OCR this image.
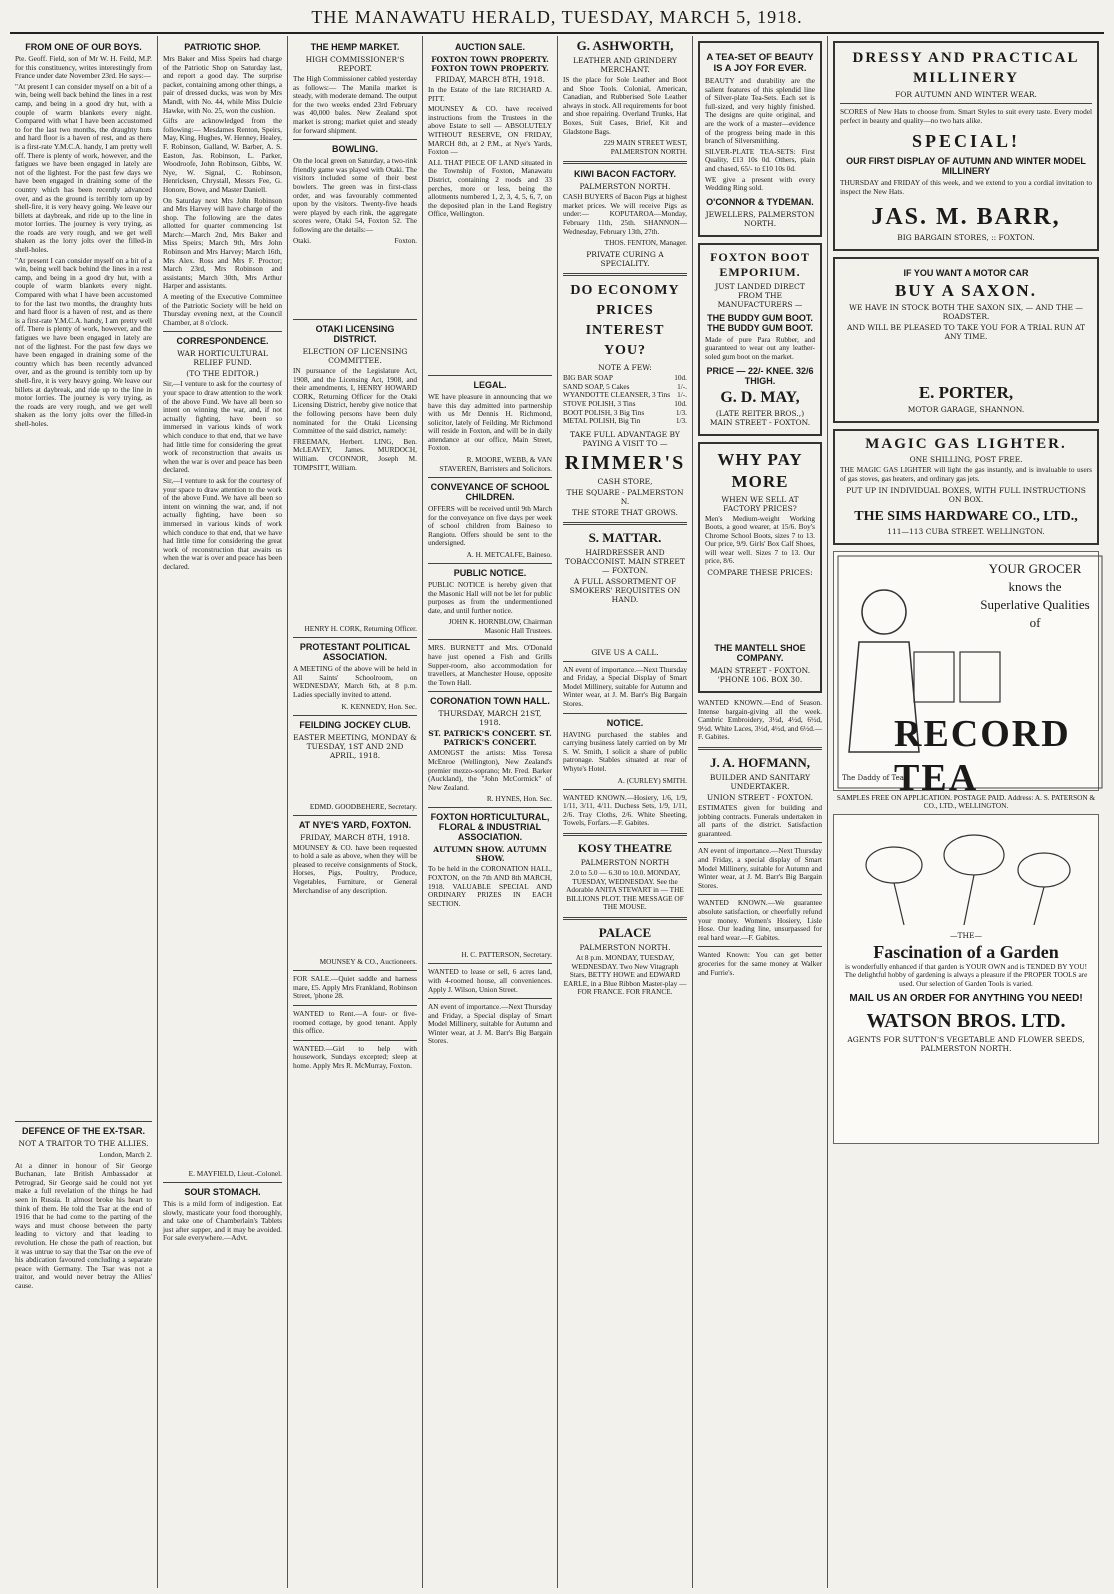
THE MANAWATU HERALD, TUESDAY, MARCH 5, 1918.
FROM ONE OF OUR BOYS.
Pte. Geoff. Field, son of Mr W. H. Feild, M.P. for this constituency, writes interestingly from France under date November 23rd. He says:—
"At present I can consider myself on a bit of a win, being well back behind the lines in a rest camp, and being in a good dry hut, with a couple of warm blankets every night. Compared with what I have been accustomed to for the last two months, the draughty huts and hard floor is a haven of rest, and as there is a first-rate Y.M.C.A. handy, I am pretty well off. There is plenty of work, however, and the fatigues we have been engaged in lately are not of the lightest. For the past few days we have been engaged in draining some of the country which has been recently advanced over, and as the ground is terribly torn up by shell-fire, it is very heavy going. We leave our billets at daybreak, and ride up to the line in motor lorries. The journey is very trying, as the roads are very rough, and we get well shaken as the lorry jolts over the filled-in shell-holes.
"At present I can consider myself on a bit of a win, being well back behind the lines in a rest camp, and being in a good dry hut, with a couple of warm blankets every night. Compared with what I have been accustomed to for the last two months, the draughty huts and hard floor is a haven of rest, and as there is a first-rate Y.M.C.A. handy, I am pretty well off. There is plenty of work, however, and the fatigues we have been engaged in lately are not of the lightest. For the past few days we have been engaged in draining some of the country which has been recently advanced over, and as the ground is terribly torn up by shell-fire, it is very heavy going. We leave our billets at daybreak, and ride up to the line in motor lorries. The journey is very trying, as the roads are very rough, and we get well shaken as the lorry jolts over the filled-in shell-holes.
DEFENCE OF THE EX-TSAR.
NOT A TRAITOR TO THE ALLIES.
London, March 2.
At a dinner in honour of Sir George Buchanan, late British Ambassador at Petrograd, Sir George said he could not yet make a full revelation of the things he had seen in Russia. It almost broke his heart to think of them. He told the Tsar at the end of 1916 that he had come to the parting of the ways and must choose between the party leading to victory and that leading to revolution. He chose the path of reaction, but it was untrue to say that the Tsar on the eve of his abdication favoured concluding a separate peace with Germany. The Tsar was not a traitor, and would never betray the Allies' cause.
PATRIOTIC SHOP.
Mrs Baker and Miss Speirs had charge of the Patriotic Shop on Saturday last, and report a good day. The surprise packet, containing among other things, a pair of dressed ducks, was won by Mrs Mandl, with No. 44, while Miss Dulcie Hawke, with No. 25, won the cushion.
Gifts are acknowledged from the following:— Mesdames Renton, Speirs, May, King, Hughes, W. Henney, Healey, F. Robinson, Galland, W. Barber, A. S. Easton, Jas. Robinson, L. Parker, Woodroofe, John Robinson, Gibbs, W. Nye, W. Signal, C. Robinson, Henricksen, Chrystall, Messrs Fee, G. Honore, Bowe, and Master Daniell.
On Saturday next Mrs John Robinson and Mrs Harvey will have charge of the shop. The following are the dates allotted for quarter commencing 1st March:—March 2nd, Mrs Baker and Miss Speirs; March 9th, Mrs John Robinson and Mrs Harvey; March 16th, Mrs Alex. Ross and Mrs F. Proctor; March 23rd, Mrs Robinson and assistants; March 30th, Mrs Arthur Harper and assistants.
A meeting of the Executive Committee of the Patriotic Society will be held on Thursday evening next, at the Council Chamber, at 8 o'clock.
CORRESPONDENCE.
WAR HORTICULTURAL RELIEF FUND.
(TO THE EDITOR.)
Sir,—I venture to ask for the courtesy of your space to draw attention to the work of the above Fund. We have all been so intent on winning the war, and, if not actually fighting, have been so immersed in various kinds of work which conduce to that end, that we have had little time for considering the great work of reconstruction that awaits us when the war is over and peace has been declared.
Sir,—I venture to ask for the courtesy of your space to draw attention to the work of the above Fund. We have all been so intent on winning the war, and, if not actually fighting, have been so immersed in various kinds of work which conduce to that end, that we have had little time for considering the great work of reconstruction that awaits us when the war is over and peace has been declared.
E. MAYFIELD, Lieut.-Colonel.
SOUR STOMACH.
This is a mild form of indigestion. Eat slowly, masticate your food thoroughly, and take one of Chamberlain's Tablets just after supper, and it may be avoided. For sale everywhere.—Advt.
THE HEMP MARKET.
HIGH COMMISSIONER'S REPORT.
The High Commissioner cabled yesterday as follows:— The Manila market is steady, with moderate demand. The output for the two weeks ended 23rd February was 40,000 bales. New Zealand spot market is strong; market quiet and steady for forward shipment.
BOWLING.
On the local green on Saturday, a two-rink friendly game was played with Otaki. The visitors included some of their best bowlers. The green was in first-class order, and was favourably commented upon by the visitors. Twenty-five heads were played by each rink, the aggregate scores were, Otaki 54, Foxton 52. The following are the details:—
Otaki.	Foxton.
OTAKI LICENSING DISTRICT.
ELECTION OF LICENSING COMMITTEE.
IN pursuance of the Legislature Act, 1908, and the Licensing Act, 1908, and their amendments, I, HENRY HOWARD CORK, Returning Officer for the Otaki Licensing District, hereby give notice that the following persons have been duly nominated for the Otaki Licensing Committee of the said district, namely:
FREEMAN, Herbert. LING, Ben. McLEAVEY, James. MURDOCH, William. O'CONNOR, Joseph M. TOMPSITT, William.
HENRY H. CORK, Returning Officer.
PROTESTANT POLITICAL ASSOCIATION.
A MEETING of the above will be held in All Saints' Schoolroom, on WEDNESDAY, March 6th, at 8 p.m. Ladies specially invited to attend.
K. KENNEDY, Hon. Sec.
FEILDING JOCKEY CLUB.
EASTER MEETING, MONDAY & TUESDAY, 1ST AND 2ND APRIL, 1918.
EDMD. GOODBEHERE, Secretary.
AT NYE'S YARD, FOXTON.
FRIDAY, MARCH 8TH, 1918.
MOUNSEY & CO. have been requested to hold a sale as above, when they will be pleased to receive consignments of Stock, Horses, Pigs, Poultry, Produce, Vegetables, Furniture, or General Merchandise of any description.
MOUNSEY & CO., Auctioneers.
FOR SALE.—Quiet saddle and harness mare, £5. Apply Mrs Frankland, Robinson Street, 'phone 28.
WANTED to Rent.—A four- or five-roomed cottage, by good tenant. Apply this office.
WANTED.—Girl to help with housework, Sundays excepted; sleep at home. Apply Mrs R. McMurray, Foxton.
AUCTION SALE.
FOXTON TOWN PROPERTY. FOXTON TOWN PROPERTY.
FRIDAY, MARCH 8TH, 1918.
In the Estate of the late RICHARD A. PITT.
MOUNSEY & CO. have received instructions from the Trustees in the above Estate to sell — ABSOLUTELY WITHOUT RESERVE, ON FRIDAY, MARCH 8th, at 2 P.M., at Nye's Yards, Foxton —
ALL THAT PIECE OF LAND situated in the Township of Foxton, Manawatu District, containing 2 roods and 33 perches, more or less, being the allotments numbered 1, 2, 3, 4, 5, 6, 7, on the deposited plan in the Land Registry Office, Wellington.
LEGAL.
WE have pleasure in announcing that we have this day admitted into partnership with us Mr Dennis H. Richmond, solicitor, lately of Feilding. Mr Richmond will reside in Foxton, and will be in daily attendance at our office, Main Street, Foxton.
R. MOORE, WEBB, & VAN STAVEREN, Barristers and Solicitors.
CONVEYANCE OF SCHOOL CHILDREN.
OFFERS will be received until 9th March for the conveyance on five days per week of school children from Baineso to Rangiotu. Offers should be sent to the undersigned.
A. H. METCALFE, Baineso.
PUBLIC NOTICE.
PUBLIC NOTICE is hereby given that the Masonic Hall will not be let for public purposes as from the undermentioned date, and until further notice.
JOHN K. HORNBLOW, Chairman Masonic Hall Trustees.
MRS. BURNETT and Mrs. O'Donald have just opened a Fish and Grills Supper-room, also accommodation for travellers, at Manchester House, opposite the Town Hall.
CORONATION TOWN HALL.
THURSDAY, MARCH 21ST, 1918.
ST. PATRICK'S CONCERT. ST. PATRICK'S CONCERT.
AMONGST the artists: Miss Teresa McEnroe (Wellington), New Zealand's premier mezzo-soprano; Mr. Fred. Barker (Auckland), the "John McCormick" of New Zealand.
R. HYNES, Hon. Sec.
FOXTON HORTICULTURAL, FLORAL & INDUSTRIAL ASSOCIATION.
AUTUMN SHOW. AUTUMN SHOW.
To be held in the CORONATION HALL, FOXTON, on the 7th AND 8th MARCH, 1918. VALUABLE SPECIAL AND ORDINARY PRIZES IN EACH SECTION.
H. C. PATTERSON, Secretary.
WANTED to lease or sell, 6 acres land, with 4-roomed house, all conveniences. Apply J. Wilson, Union Street.
AN event of importance.—Next Thursday and Friday, a Special display of Smart Model Millinery, suitable for Autumn and Winter wear, at J. M. Barr's Big Bargain Stores.
G. ASHWORTH,
LEATHER AND GRINDERY MERCHANT.
IS the place for Sole Leather and Boot and Shoe Tools. Colonial, American, Canadian, and Rubberised Sole Leather always in stock. All requirements for boot and shoe repairing. Overland Trunks, Hat Boxes, Suit Cases, Brief, Kit and Gladstone Bags.
229 MAIN STREET WEST, PALMERSTON NORTH.
KIWI BACON FACTORY.
PALMERSTON NORTH.
CASH BUYERS of Bacon Pigs at highest market prices. We will receive Pigs as under:— KOPUTAROA—Monday, February 11th, 25th. SHANNON—Wednesday, February 13th, 27th.
THOS. FENTON, Manager.
PRIVATE CURING A SPECIALITY.
DO ECONOMY PRICES INTEREST YOU?
NOTE A FEW:
BIG BAR SOAP	10d.
SAND SOAP, 5 Cakes	1/-.
WYANDOTTE CLEANSER, 3 Tins 1/-.
STOVE POLISH, 3 Tins	10d.
BOOT POLISH, 3 Big Tins	1/3.
METAL POLISH, Big Tin	1/3.
TAKE FULL ADVANTAGE BY PAYING A VISIT TO —
RIMMER'S
CASH STORE,
THE SQUARE - PALMERSTON N.
THE STORE THAT GROWS.
S. MATTAR.
HAIRDRESSER AND TOBACCONIST. MAIN STREET — FOXTON.
A FULL ASSORTMENT OF SMOKERS' REQUISITES ON HAND.
GIVE US A CALL.
AN event of importance.—Next Thursday and Friday, a Special Display of Smart Model Millinery, suitable for Autumn and Winter wear, at J. M. Barr's Big Bargain Stores.
NOTICE.
HAVING purchased the stables and carrying business lately carried on by Mr S. W. Smith, I solicit a share of public patronage. Stables situated at rear of Whyte's Hotel.
A. (CURLEY) SMITH.
WANTED KNOWN.—Hosiery, 1/6, 1/9, 1/11, 3/11, 4/11. Duchess Sets, 1/9, 1/11, 2/6. Tray Cloths, 2/6. White Sheeting, Towels, Forfars.—F. Gabites.
KOSY THEATRE
PALMERSTON NORTH
2.0 to 5.0 — 6.30 to 10.0. MONDAY, TUESDAY, WEDNESDAY. See the Adorable ANITA STEWART in — THE BILLIONS PLOT. THE MESSAGE OF THE MOUSE.
PALACE
PALMERSTON NORTH.
At 8 p.m. MONDAY, TUESDAY, WEDNESDAY. Two New Vitagraph Stars, BETTY HOWE and EDWARD EARLE, in a Blue Ribbon Master-play — FOR FRANCE. FOR FRANCE.
A TEA-SET OF BEAUTY IS A JOY FOR EVER.
BEAUTY and durability are the salient features of this splendid line of Silver-plate Tea-Sets. Each set is full-sized, and very highly finished. The designs are quite original, and are the work of a master—evidence of the progress being made in this branch of Silversmithing.
SILVER-PLATE TEA-SETS: First Quality, £13 10s 0d. Others, plain and chased, 65/- to £10 10s 0d.
WE give a present with every Wedding Ring sold.
O'CONNOR & TYDEMAN.
JEWELLERS, PALMERSTON NORTH.
FOXTON BOOT EMPORIUM.
JUST LANDED DIRECT FROM THE MANUFACTURERS —
THE BUDDY GUM BOOT. THE BUDDY GUM BOOT.
Made of pure Para Rubber, and guaranteed to wear out any leather-soled gum boot on the market.
PRICE — 22/- KNEE. 32/6 THIGH.
G. D. MAY,
(LATE REITER BROS.,) MAIN STREET - FOXTON.
WHY PAY MORE
WHEN WE SELL AT FACTORY PRICES?
Men's Medium-weight Working Boots, a good wearer, at 15/6. Boy's Chrome School Boots, sizes 7 to 13. Our price, 9/9. Girls' Box Calf Shoes, will wear well. Sizes 7 to 13. Our price, 8/6.
COMPARE THESE PRICES:
THE MANTELL SHOE COMPANY.
MAIN STREET - FOXTON. 'PHONE 106. BOX 30.
WANTED KNOWN.—End of Season. Intense bargain-giving all the week. Cambric Embroidery, 3½d, 4½d, 6½d, 9½d. White Laces, 3½d, 4½d, and 6½d.—F. Gabites.
J. A. HOFMANN,
BUILDER AND SANITARY UNDERTAKER.
UNION STREET - FOXTON.
ESTIMATES given for building and jobbing contracts. Funerals undertaken in all parts of the district. Satisfaction guaranteed.
AN event of importance.—Next Thursday and Friday, a special display of Smart Model Millinery, suitable for Autumn and Winter wear, at J. M. Barr's Big Bargain Stores.
WANTED KNOWN.—We guarantee absolute satisfaction, or cheerfully refund your money. Women's Hosiery, Lisle Hose. Our leading line, unsurpassed for real hard wear.—F. Gabites.
Wanted Known: You can get better groceries for the same money at Walker and Furrie's.
DRESSY AND PRACTICAL MILLINERY
FOR AUTUMN AND WINTER WEAR.
SCORES of New Hats to choose from. Smart Styles to suit every taste. Every model perfect in beauty and quality—no two hats alike.
SPECIAL!
OUR FIRST DISPLAY OF AUTUMN AND WINTER MODEL MILLINERY
THURSDAY and FRIDAY of this week, and we extend to you a cordial invitation to inspect the New Hats.
JAS. M. BARR,
BIG BARGAIN STORES, :: FOXTON.
IF YOU WANT A MOTOR CAR
BUY A SAXON.
WE HAVE IN STOCK BOTH THE SAXON SIX, — AND THE — ROADSTER.
AND WILL BE PLEASED TO TAKE YOU FOR A TRIAL RUN AT ANY TIME.
E. PORTER,
MOTOR GARAGE, SHANNON.
MAGIC GAS LIGHTER.
ONE SHILLING, POST FREE.
THE MAGIC GAS LIGHTER will light the gas instantly, and is invaluable to users of gas stoves, gas heaters, and ordinary gas jets.
PUT UP IN INDIVIDUAL BOXES, WITH FULL INSTRUCTIONS ON BOX.
THE SIMS HARDWARE CO., LTD.,
111—113 CUBA STREET. WELLINGTON.
YOUR GROCER knows the Superlative Qualities of
RECORD TEA
The Daddy of Teas.
SAMPLES FREE ON APPLICATION. POSTAGE PAID. Address: A. S. PATERSON & CO., LTD., WELLINGTON.
—THE—
Fascination of a Garden
is wonderfully enhanced if that garden is YOUR OWN and is TENDED BY YOU! The delightful hobby of gardening is always a pleasure if the PROPER TOOLS are used. Our selection of Garden Tools is varied.
MAIL US AN ORDER FOR ANYTHING YOU NEED!
WATSON BROS. LTD.
AGENTS FOR SUTTON'S VEGETABLE AND FLOWER SEEDS, PALMERSTON NORTH.
